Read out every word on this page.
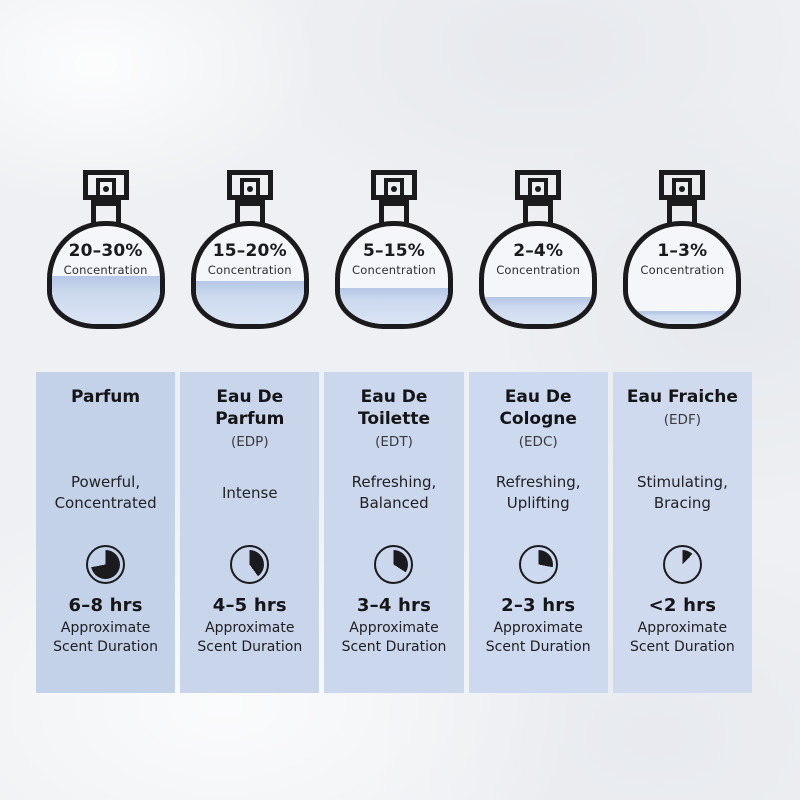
20–30%
Concentration
15–20%
Concentration
5–15%
Concentration
2–4%
Concentration
1–3%
Concentration
Parfum
Powerful, Concentrated
6–8 hrs
Approximate Scent Duration
Eau De Parfum
(EDP)
Intense
4–5 hrs
Approximate Scent Duration
Eau De Toilette
(EDT)
Refreshing, Balanced
3–4 hrs
Approximate Scent Duration
Eau De Cologne
(EDC)
Refreshing, Uplifting
2–3 hrs
Approximate Scent Duration
Eau Fraiche
(EDF)
Stimulating, Bracing
<2 hrs
Approximate Scent Duration
